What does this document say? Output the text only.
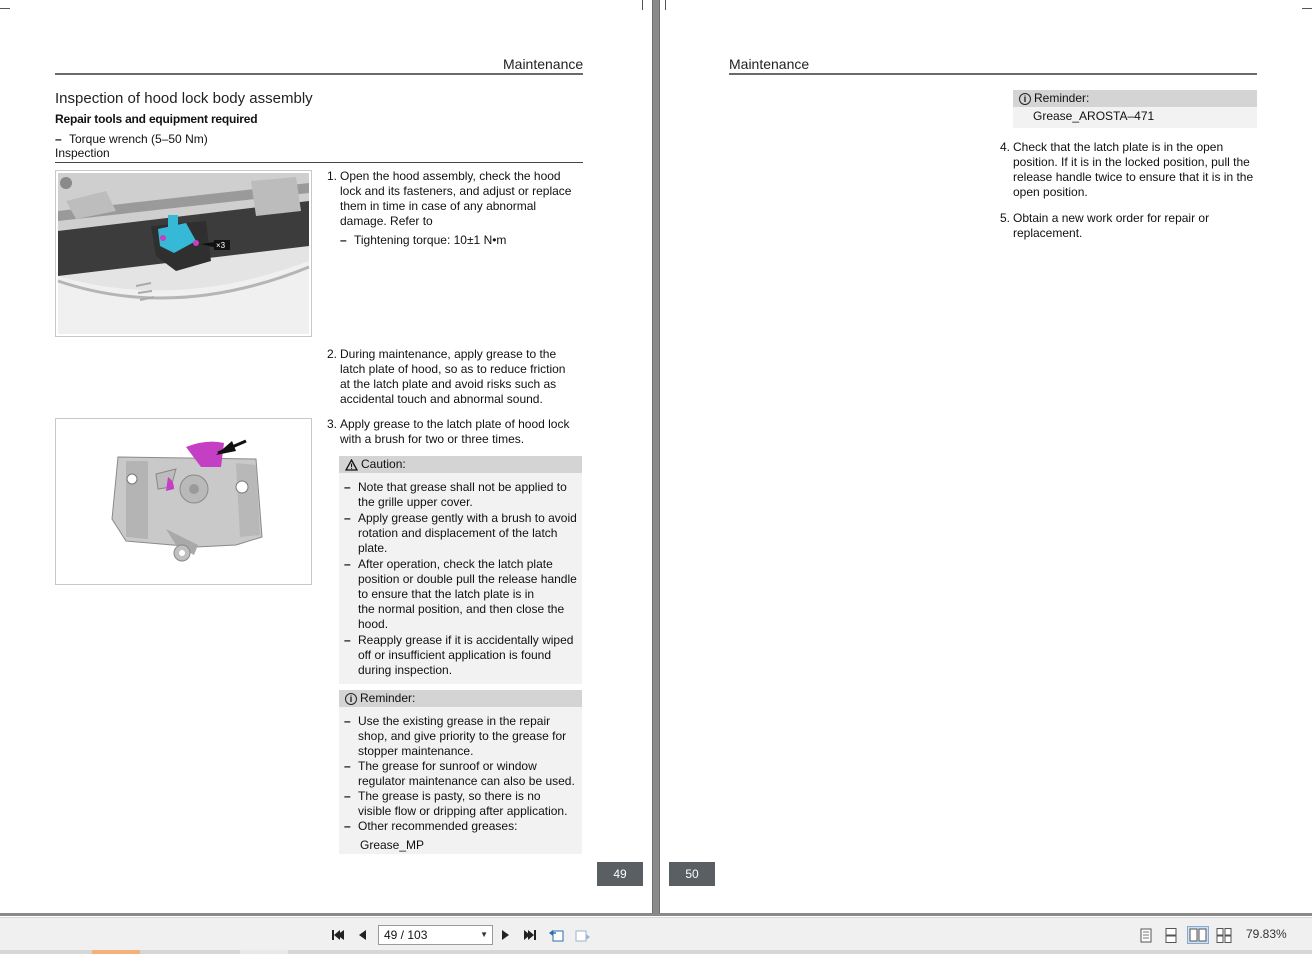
Maintenance
Inspection of hood lock body assembly
Repair tools and equipment required
– Torque wrench (5–50 Nm)
Inspection
×3
1. Open the hood assembly, check the hood
lock and its fasteners, and adjust or replace
them in time in case of any abnormal
damage. Refer to
– Tightening torque: 10±1 N•m
2. During maintenance, apply grease to the
latch plate of hood, so as to reduce friction
at the latch plate and avoid risks such as
accidental touch and abnormal sound.
.
3. Apply grease to the latch plate of hood lock
with a brush for two or three times.
Caution:
– Note that grease shall not be applied to
the grille upper cover.
– Apply grease gently with a brush to avoid
rotation and displacement of the latch
plate.
– After operation, check the latch plate
position or double pull the release handle
to ensure that the latch plate is in
the normal position, and then close the
hood.
– Reapply grease if it is accidentally wiped
off or insufficient application is found
during inspection.
i Reminder:
– Use the existing grease in the repair
shop, and give priority to the grease for
stopper maintenance.
– The grease for sunroof or window
regulator maintenance can also be used.
– The grease is pasty, so there is no
visible flow or dripping after application.
– Other recommended greases:
Grease_MP
49
Maintenance
i Reminder:
Grease_AROSTA–471
4. Check that the latch plate is in the open
position. If it is in the locked position, pull the
release handle twice to ensure that it is in the
open position.
5. Obtain a new work order for repair or
replacement.
50
49 / 103	▼	79.83%
